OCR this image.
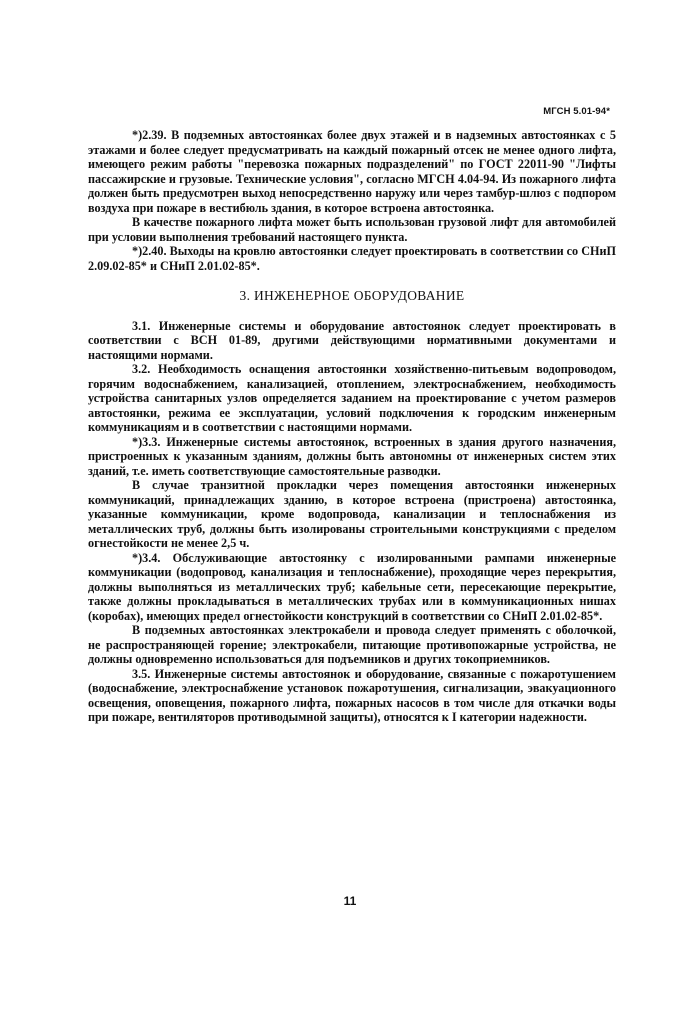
МГСН 5.01-94*

*)2.39. В подземных автостоянках более двух этажей и в надземных автостоянках с 5 этажами и более следует предусматривать на каждый пожарный отсек не менее одного лифта, имеющего режим работы "перевозка пожарных подразделений" по ГОСТ 22011-90 "Лифты пассажирские и грузовые. Технические условия", согласно МГСН 4.04-94. Из пожарного лифта должен быть предусмотрен выход непосредственно наружу или через тамбур-шлюз с подпором воздуха при пожаре в вестибюль здания, в которое встроена автостоянка.

В качестве пожарного лифта может быть использован грузовой лифт для автомобилей при условии выполнения требований настоящего пункта.

*)2.40. Выходы на кровлю автостоянки следует проектировать в соответствии со СНиП 2.09.02-85* и СНиП 2.01.02-85*.

3. ИНЖЕНЕРНОЕ ОБОРУДОВАНИЕ

3.1. Инженерные системы и оборудование автостоянок следует проектировать в соответствии с ВСН 01-89, другими действующими нормативными документами и настоящими нормами.

3.2. Необходимость оснащения автостоянки хозяйственно-питьевым водопроводом, горячим водоснабжением, канализацией, отоплением, электроснабжением, необходимость устройства санитарных узлов определяется заданием на проектирование с учетом размеров автостоянки, режима ее эксплуатации, условий подключения к городским инженерным коммуникациям и в соответствии с настоящими нормами.

*)3.3. Инженерные системы автостоянок, встроенных в здания другого назначения, пристроенных к указанным зданиям, должны быть автономны от инженерных систем этих зданий, т.е. иметь соответствующие самостоятельные разводки.

В случае транзитной прокладки через помещения автостоянки инженерных коммуникаций, принадлежащих зданию, в которое встроена (пристроена) автостоянка, указанные коммуникации, кроме водопровода, канализации и теплоснабжения из металлических труб, должны быть изолированы строительными конструкциями с пределом огнестойкости не менее 2,5 ч.

*)3.4. Обслуживающие автостоянку с изолированными рампами инженерные коммуникации (водопровод, канализация и теплоснабжение), проходящие через перекрытия, должны выполняться из металлических труб; кабельные сети, пересекающие перекрытие, также должны прокладываться в металлических трубах или в коммуникационных нишах (коробах), имеющих предел огнестойкости конструкций в соответствии со СНиП 2.01.02-85*.

В подземных автостоянках электрокабели и провода следует применять с оболочкой, не распространяющей горение; электрокабели, питающие противопожарные устройства, не должны одновременно использоваться для подъемников и других токоприемников.

3.5. Инженерные системы автостоянок и оборудование, связанные с пожаротушением (водоснабжение, электроснабжение установок пожаротушения, сигнализации, эвакуационного освещения, оповещения, пожарного лифта, пожарных насосов в том числе для откачки воды при пожаре, вентиляторов противодымной защиты), относятся к I категории надежности.

11
